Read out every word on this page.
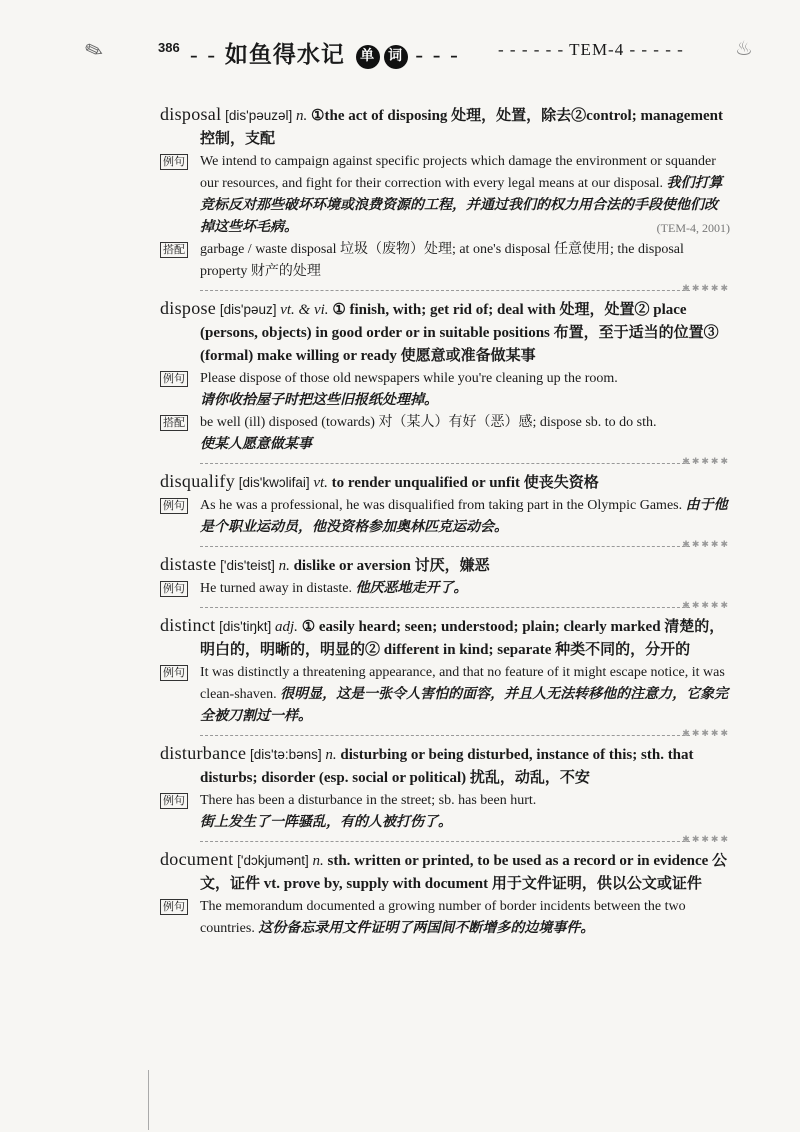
✎	386 - - 如鱼得水记 单 词 - - - - - - - - - TEM-4 - - - - -	♨

disposal [dis'pəuzəl] n. ①the act of disposing 处理，处置，除去②control; management 控制，支配

例句 We intend to campaign against specific projects which damage the environment or squander our resources, and fight for their correction with every legal means at our disposal. 我们打算竞标反对那些破坏环境或浪费资源的工程，并通过我们的权力用合法的手段使他们改掉这些坏毛病。	(TEM-4, 2001)

搭配 garbage / waste disposal 垃圾（废物）处理; at one's disposal 任意使用; the disposal property 财产的处理

✱✱✱✱✱

dispose [dis'pəuz] vt. & vi. ① finish, with; get rid of; deal with 处理，处置② place (persons, objects) in good order or in suitable positions 布置，至于适当的位置③ (formal) make willing or ready 使愿意或准备做某事

例句 Please dispose of those old newspapers while you're cleaning up the room.
请你收拾屋子时把这些旧报纸处理掉。

搭配 be well (ill) disposed (towards) 对（某人）有好（恶）感; dispose sb. to do sth.
使某人愿意做某事

✱✱✱✱✱

disqualify [dis'kwɔlifai] vt. to render unqualified or unfit 使丧失资格

例句 As he was a professional, he was disqualified from taking part in the Olympic Games. 由于他是个职业运动员，他没资格参加奥林匹克运动会。

✱✱✱✱✱

distaste ['dis'teist] n. dislike or aversion 讨厌，嫌恶

例句 He turned away in distaste. 他厌恶地走开了。

✱✱✱✱✱

distinct [dis'tiŋkt] adj. ① easily heard; seen; understood; plain; clearly marked 清楚的，明白的，明晰的，明显的② different in kind; separate 种类不同的，分开的

例句 It was distinctly a threatening appearance, and that no feature of it might escape notice, it was clean-shaven. 很明显，这是一张令人害怕的面容，并且人无法转移他的注意力，它象完全被刀割过一样。

✱✱✱✱✱

disturbance [dis'tə:bəns] n. disturbing or being disturbed, instance of this; sth. that disturbs; disorder (esp. social or political) 扰乱，动乱，不安

例句 There has been a disturbance in the street; sb. has been hurt.
街上发生了一阵骚乱，有的人被打伤了。

✱✱✱✱✱

document ['dɔkjumənt] n. sth. written or printed, to be used as a record or in evidence 公文，证件 vt. prove by, supply with document 用于文件证明，供以公文或证件

例句 The memorandum documented a growing number of border incidents between the two countries. 这份备忘录用文件证明了两国间不断增多的边境事件。
